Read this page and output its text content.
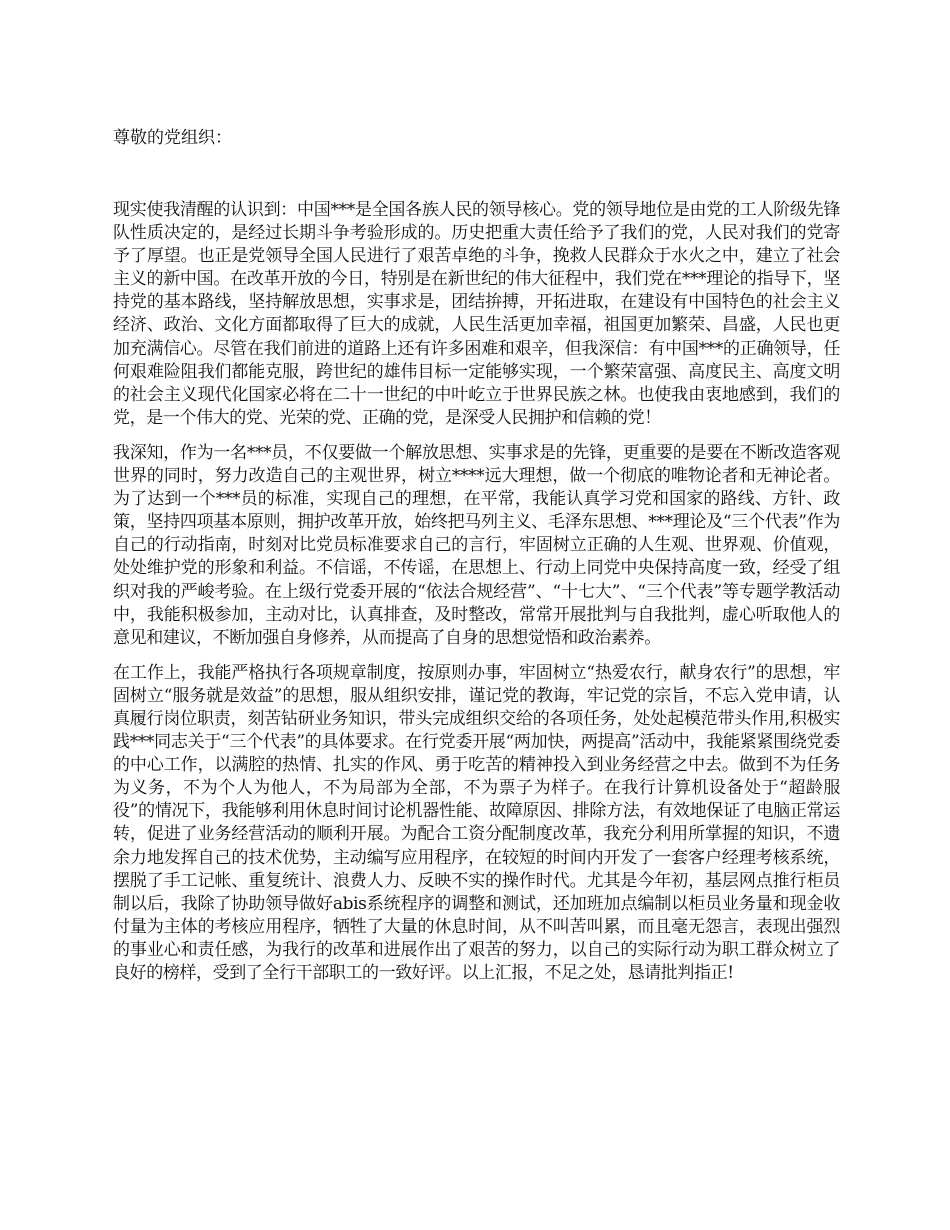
尊敬的党组织：

现实使我清醒的认识到：中国***是全国各族人民的领导核心。党的领导地位是由党的工人阶级先锋队性质决定的，是经过长期斗争考验形成的。历史把重大责任给予了我们的党，人民对我们的党寄予了厚望。也正是党领导全国人民进行了艰苦卓绝的斗争，挽救人民群众于水火之中，建立了社会主义的新中国。在改革开放的今日，特别是在新世纪的伟大征程中，我们党在***理论的指导下，坚持党的基本路线，坚持解放思想，实事求是，团结拚搏，开拓进取，在建设有中国特色的社会主义经济、政治、文化方面都取得了巨大的成就，人民生活更加幸福，祖国更加繁荣、昌盛，人民也更加充满信心。尽管在我们前进的道路上还有许多困难和艰辛，但我深信：有中国***的正确领导，任何艰难险阻我们都能克服，跨世纪的雄伟目标一定能够实现，一个繁荣富强、高度民主、高度文明的社会主义现代化国家必将在二十一世纪的中叶屹立于世界民族之林。也使我由衷地感到，我们的党，是一个伟大的党、光荣的党、正确的党，是深受人民拥护和信赖的党！

我深知，作为一名***员，不仅要做一个解放思想、实事求是的先锋，更重要的是要在不断改造客观世界的同时，努力改造自己的主观世界，树立****远大理想，做一个彻底的唯物论者和无神论者。为了达到一个***员的标准，实现自己的理想，在平常，我能认真学习党和国家的路线、方针、政策，坚持四项基本原则，拥护改革开放，始终把马列主义、毛泽东思想、***理论及“三个代表”作为自己的行动指南，时刻对比党员标准要求自己的言行，牢固树立正确的人生观、世界观、价值观，处处维护党的形象和利益。不信谣，不传谣，在思想上、行动上同党中央保持高度一致，经受了组织对我的严峻考验。在上级行党委开展的“依法合规经营”、“十七大”、“三个代表”等专题学教活动中，我能积极参加，主动对比，认真排查，及时整改，常常开展批判与自我批判，虚心听取他人的意见和建议，不断加强自身修养，从而提高了自身的思想觉悟和政治素养。

在工作上，我能严格执行各项规章制度，按原则办事，牢固树立“热爱农行，献身农行”的思想，牢固树立“服务就是效益”的思想，服从组织安排，谨记党的教诲，牢记党的宗旨，不忘入党申请，认真履行岗位职责，刻苦钻研业务知识，带头完成组织交给的各项任务，处处起模范带头作用,积极实践***同志关于“三个代表”的具体要求。在行党委开展“两加快，两提高”活动中，我能紧紧围绕党委的中心工作，以满腔的热情、扎实的作风、勇于吃苦的精神投入到业务经营之中去。做到不为任务为义务，不为个人为他人，不为局部为全部，不为票子为样子。在我行计算机设备处于“超龄服役”的情况下，我能够利用休息时间讨论机器性能、故障原因、排除方法，有效地保证了电脑正常运转，促进了业务经营活动的顺利开展。为配合工资分配制度改革，我充分利用所掌握的知识，不遗余力地发挥自己的技术优势，主动编写应用程序，在较短的时间内开发了一套客户经理考核系统，摆脱了手工记帐、重复统计、浪费人力、反映不实的操作时代。尤其是今年初，基层网点推行柜员制以后，我除了协助领导做好abis系统程序的调整和测试，还加班加点编制以柜员业务量和现金收付量为主体的考核应用程序，牺牲了大量的休息时间，从不叫苦叫累，而且毫无怨言，表现出强烈的事业心和责任感，为我行的改革和进展作出了艰苦的努力，以自己的实际行动为职工群众树立了良好的榜样，受到了全行干部职工的一致好评。以上汇报，不足之处，恳请批判指正!
